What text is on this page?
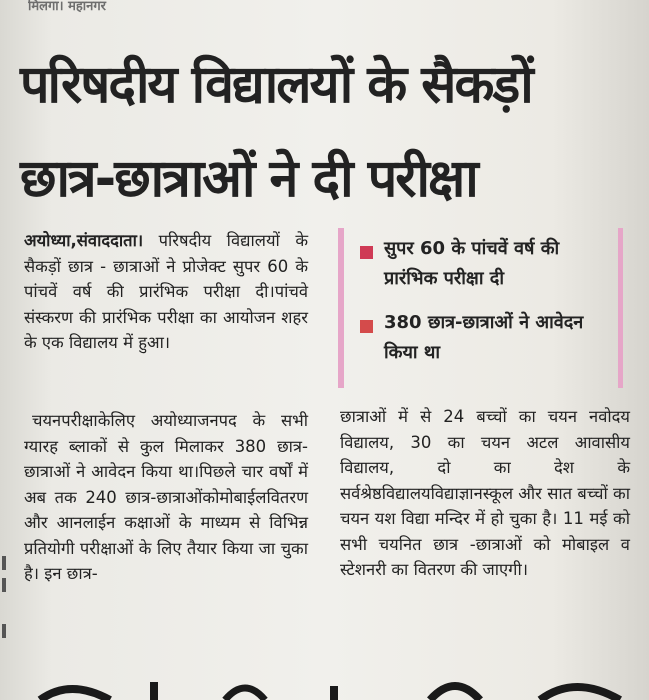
मिलगा। महानगर
परिषदीय विद्यालयों के सैकड़ों
छात्र-छात्राओं ने दी परीक्षा
अयोध्या,संवाददाता। परिषदीय विद्यालयों के सैकड़ों छात्र - छात्राओं ने प्रोजेक्ट सुपर 60 के पांचवें वर्ष की प्रारंभिक परीक्षा दी।पांचवे संस्करण की प्रारंभिक परीक्षा का आयोजन शहर के एक विद्यालय में हुआ।
चयनपरीक्षाकेलिए अयोध्याजनपद के सभी ग्यारह ब्लाकों से कुल मिलाकर 380 छात्र-छात्राओं ने आवेदन किया था।पिछले चार वर्षों में अब तक 240 छात्र-छात्राओंकोमोबाईलवितरण और आनलाईन कक्षाओं के माध्यम से विभिन्न प्रतियोगी परीक्षाओं के लिए तैयार किया जा चुका है। इन छात्र-
सुपर 60 के पांचवें वर्ष की प्रारंभिक परीक्षा दी
380 छात्र-छात्राओं ने आवेदन किया था
छात्राओं में से 24 बच्चों का चयन नवोदय विद्यालय, 30 का चयन अटल आवासीय विद्यालय, दो का देश के सर्वश्रेष्ठविद्यालयविद्याज्ञानस्कूल और सात बच्चों का चयन यश विद्या मन्दिर में हो चुका है। 11 मई को सभी चयनित छात्र -छात्राओं को मोबाइल व स्टेशनरी का वितरण की जाएगी।
